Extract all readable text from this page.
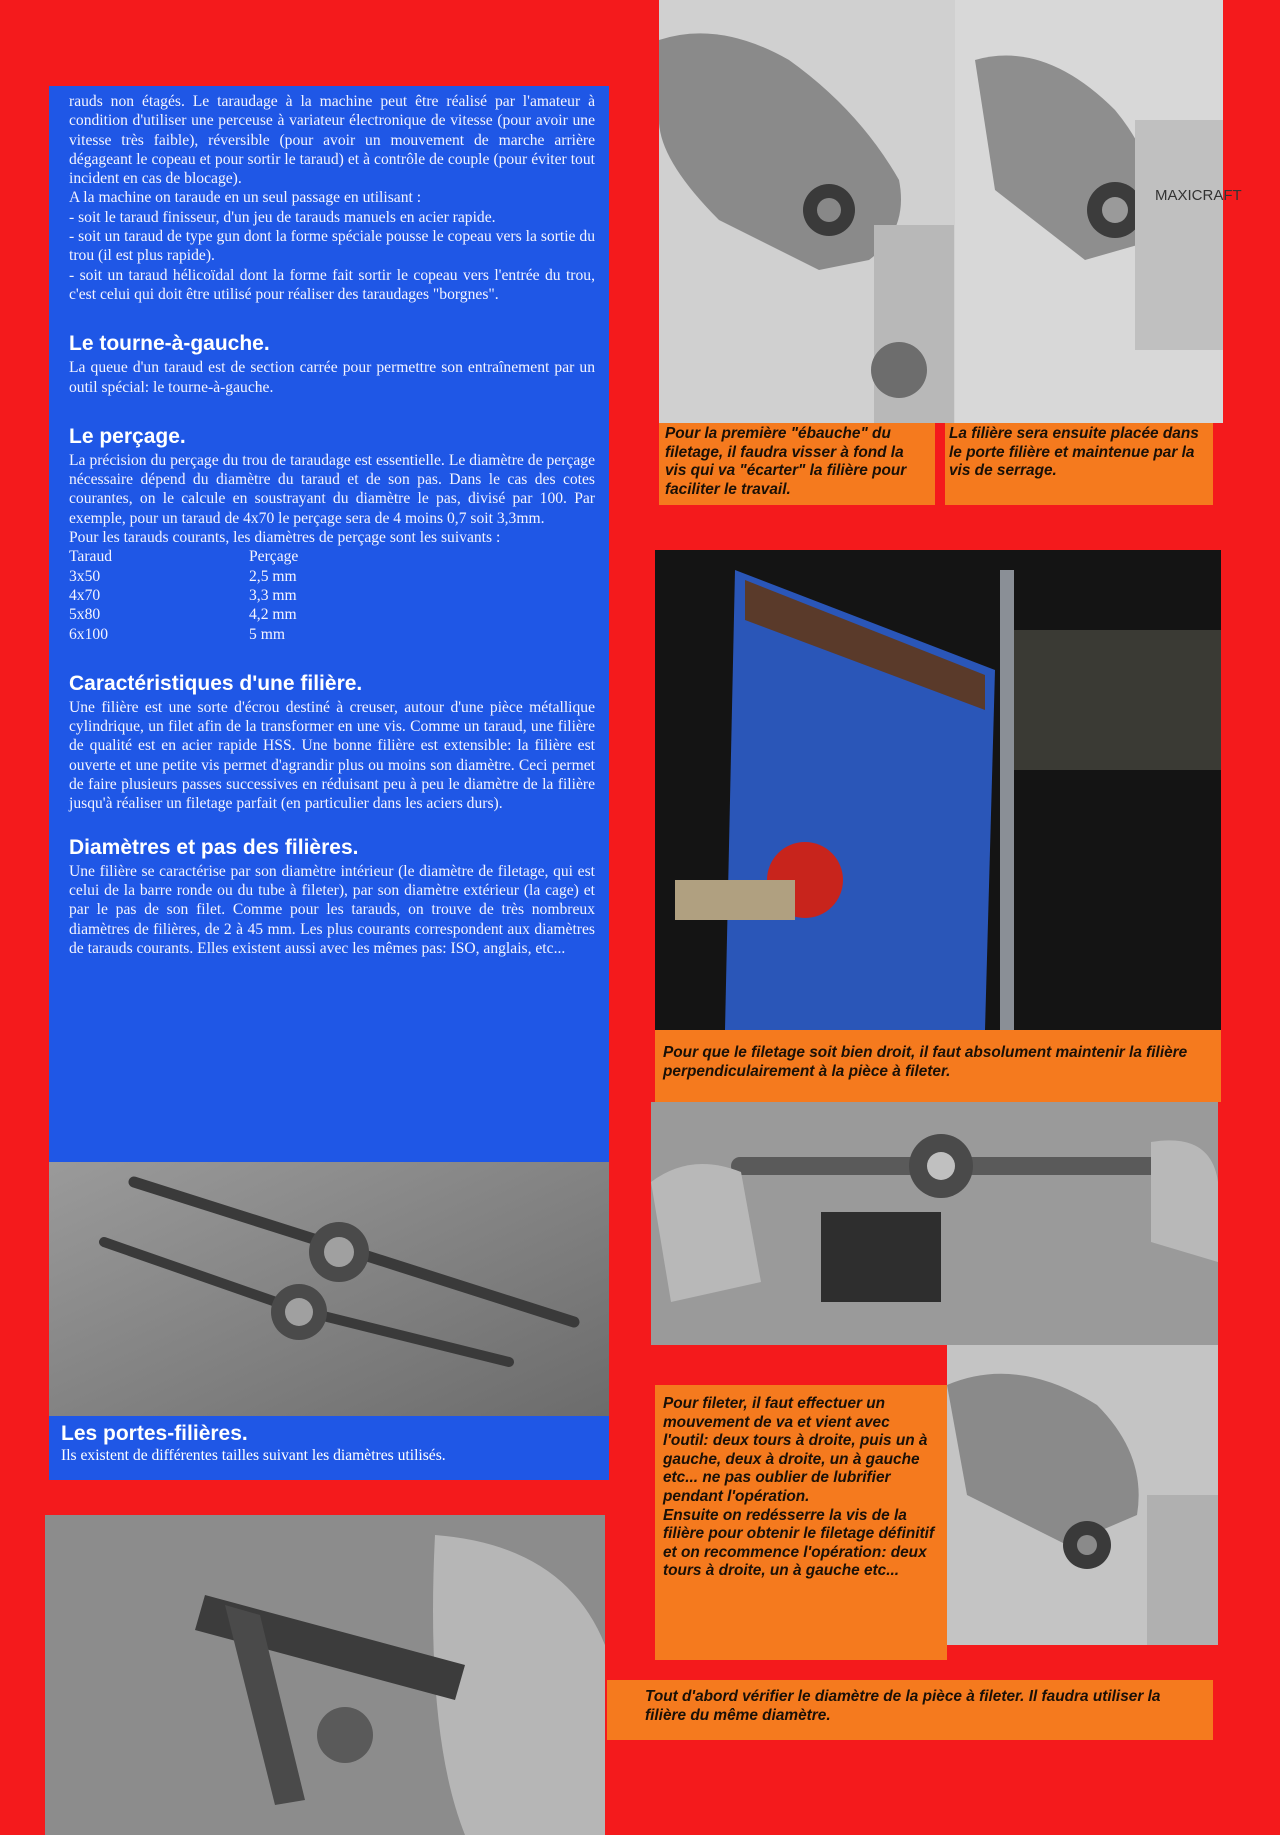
rauds non étagés. Le taraudage à la machine peut être réalisé par l'amateur à condition d'utiliser une perceuse à variateur électronique de vitesse (pour avoir une vitesse très faible), réversible (pour avoir un mouvement de marche arrière dégageant le copeau et pour sortir le taraud) et à contrôle de couple (pour éviter tout incident en cas de blocage).

A la machine on taraude en un seul passage en utilisant :

- soit le taraud finisseur, d'un jeu de tarauds manuels en acier rapide.

- soit un taraud de type gun dont la forme spéciale pousse le copeau vers la sortie du trou (il est plus rapide).

- soit un taraud hélicoïdal dont la forme fait sortir le copeau vers l'entrée du trou, c'est celui qui doit être utilisé pour réaliser des taraudages "borgnes".

Le tourne-à-gauche.

La queue d'un taraud est de section carrée pour permettre son entraînement par un outil spécial: le tourne-à-gauche.

Le perçage.

La précision du perçage du trou de taraudage est essentielle. Le diamètre de perçage nécessaire dépend du diamètre du taraud et de son pas. Dans le cas des cotes courantes, on le calcule en soustrayant du diamètre le pas, divisé par 100. Par exemple, pour un taraud de 4x70 le perçage sera de 4 moins 0,7 soit 3,3mm.

Pour les tarauds courants, les diamètres de perçage sont les suivants :

Taraud	Perçage
3x50	2,5 mm
4x70	3,3 mm
5x80	4,2 mm
6x100	5 mm
Caractéristiques d'une filière.

Une filière est une sorte d'écrou destiné à creuser, autour d'une pièce métallique cylindrique, un filet afin de la transformer en une vis. Comme un taraud, une filière de qualité est en acier rapide HSS. Une bonne filière est extensible: la filière est ouverte et une petite vis permet d'agrandir plus ou moins son diamètre. Ceci permet de faire plusieurs passes successives en réduisant peu à peu le diamètre de la filière jusqu'à réaliser un filetage parfait (en particulier dans les aciers durs).

Diamètres et pas des filières.

Une filière se caractérise par son diamètre intérieur (le diamètre de filetage, qui est celui de la barre ronde ou du tube à fileter), par son diamètre extérieur (la cage) et par le pas de son filet. Comme pour les tarauds, on trouve de très nombreux diamètres de filières, de 2 à 45 mm. Les plus courants correspondent aux diamètres de tarauds courants. Elles existent aussi avec les mêmes pas: ISO, anglais, etc...

Les portes-filières.

Ils existent de différentes tailles suivant les diamètres utilisés.

Pour la première "ébauche" du filetage, il faudra visser à fond la vis qui va "écarter" la filière pour faciliter le travail.
MAXICRAFT
La filière sera ensuite placée dans le porte filière et maintenue par la vis de serrage.
Pour que le filetage soit bien droit, il faut absolument maintenir la filière perpendiculairement à la pièce à fileter.
Pour fileter, il faut effectuer un mouvement de va et vient avec l'outil: deux tours à droite, puis un à gauche, deux à droite, un à gauche etc... ne pas oublier de lubrifier pendant l'opération.
Ensuite on redésserre la vis de la filière pour obtenir le filetage définitif et on recommence l'opération: deux tours à droite, un à gauche etc...
Tout d'abord vérifier le diamètre de la pièce à fileter. Il faudra utiliser la filière du même diamètre.
